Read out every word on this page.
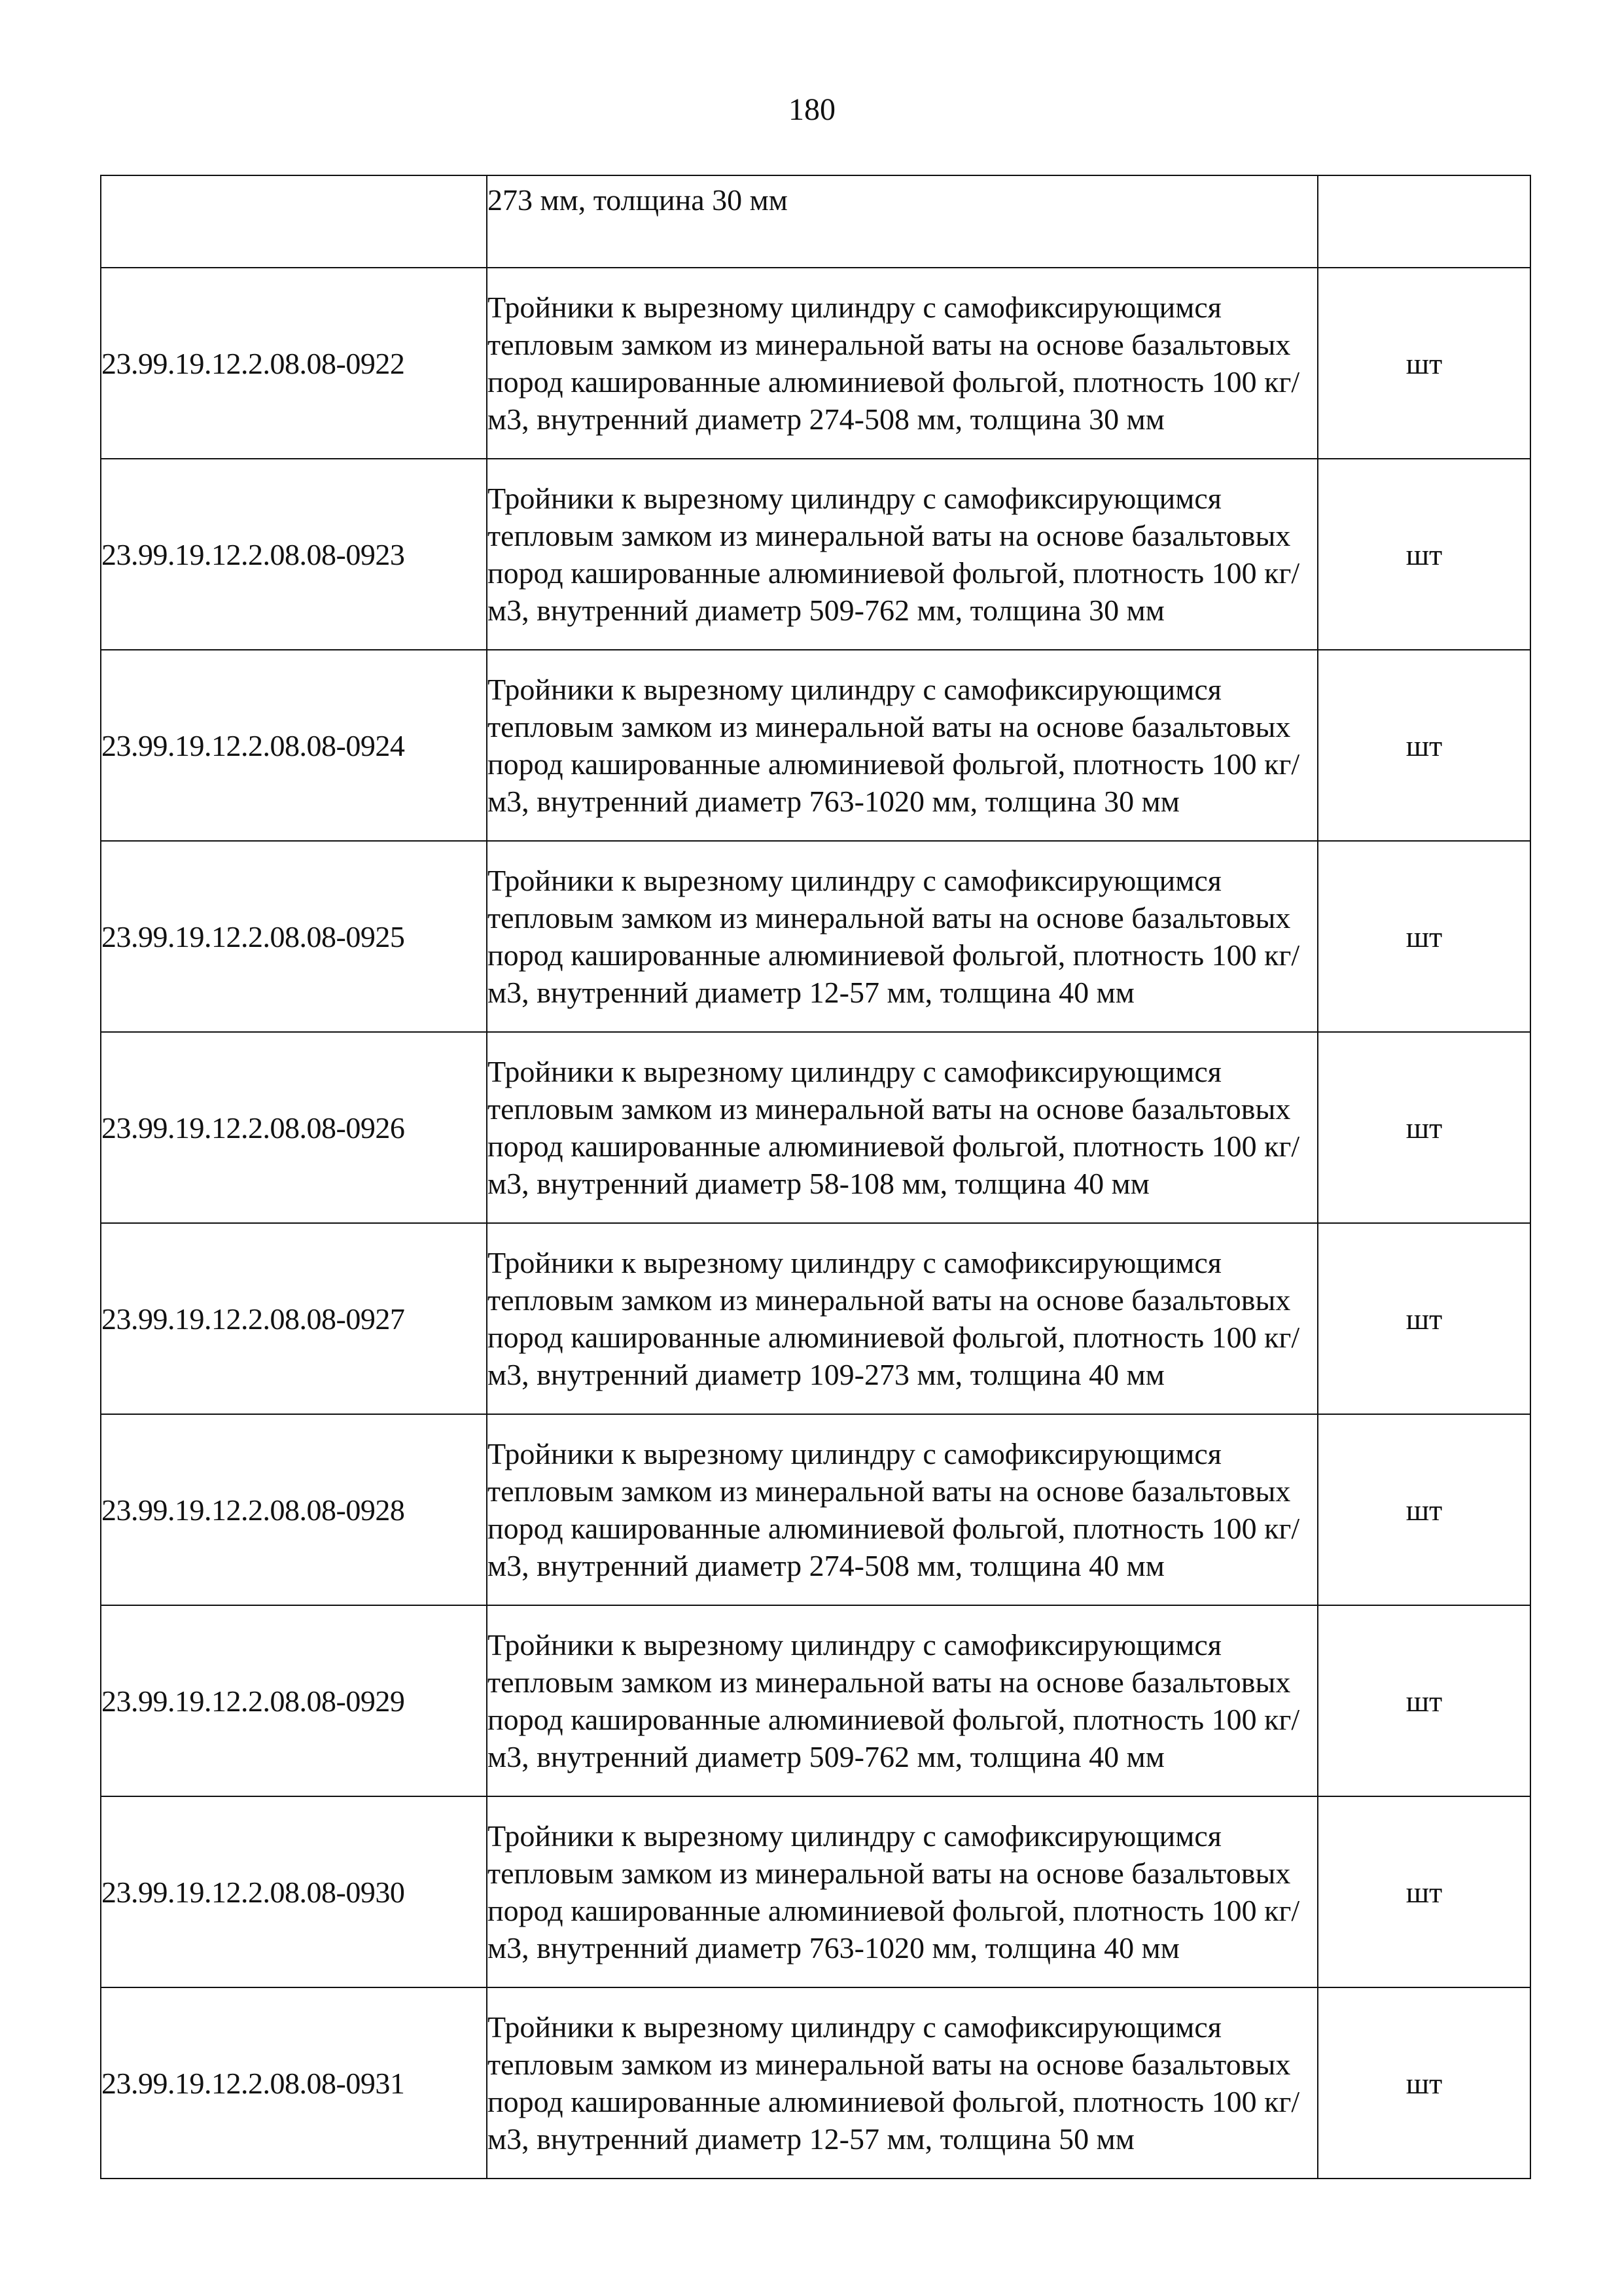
180
	273 мм, толщина 30 мм	
23.99.19.12.2.08.08-0922	Тройники к вырезному цилиндру с самофиксирующимся тепловым замком из минеральной ваты на основе базальтовых пород кашированные алюминиевой фольгой, плотность 100 кг/м3, внутренний диаметр 274-508 мм, толщина 30 мм	шт
23.99.19.12.2.08.08-0923	Тройники к вырезному цилиндру с самофиксирующимся тепловым замком из минеральной ваты на основе базальтовых пород кашированные алюминиевой фольгой, плотность 100 кг/м3, внутренний диаметр 509-762 мм, толщина 30 мм	шт
23.99.19.12.2.08.08-0924	Тройники к вырезному цилиндру с самофиксирующимся тепловым замком из минеральной ваты на основе базальтовых пород кашированные алюминиевой фольгой, плотность 100 кг/м3, внутренний диаметр 763-1020 мм, толщина 30 мм	шт
23.99.19.12.2.08.08-0925	Тройники к вырезному цилиндру с самофиксирующимся тепловым замком из минеральной ваты на основе базальтовых пород кашированные алюминиевой фольгой, плотность 100 кг/м3, внутренний диаметр 12-57 мм, толщина 40 мм	шт
23.99.19.12.2.08.08-0926	Тройники к вырезному цилиндру с самофиксирующимся тепловым замком из минеральной ваты на основе базальтовых пород кашированные алюминиевой фольгой, плотность 100 кг/м3, внутренний диаметр 58-108 мм, толщина 40 мм	шт
23.99.19.12.2.08.08-0927	Тройники к вырезному цилиндру с самофиксирующимся тепловым замком из минеральной ваты на основе базальтовых пород кашированные алюминиевой фольгой, плотность 100 кг/м3, внутренний диаметр 109-273 мм, толщина 40 мм	шт
23.99.19.12.2.08.08-0928	Тройники к вырезному цилиндру с самофиксирующимся тепловым замком из минеральной ваты на основе базальтовых пород кашированные алюминиевой фольгой, плотность 100 кг/м3, внутренний диаметр 274-508 мм, толщина 40 мм	шт
23.99.19.12.2.08.08-0929	Тройники к вырезному цилиндру с самофиксирующимся тепловым замком из минеральной ваты на основе базальтовых пород кашированные алюминиевой фольгой, плотность 100 кг/м3, внутренний диаметр 509-762 мм, толщина 40 мм	шт
23.99.19.12.2.08.08-0930	Тройники к вырезному цилиндру с самофиксирующимся тепловым замком из минеральной ваты на основе базальтовых пород кашированные алюминиевой фольгой, плотность 100 кг/м3, внутренний диаметр 763-1020 мм, толщина 40 мм	шт
23.99.19.12.2.08.08-0931	Тройники к вырезному цилиндру с самофиксирующимся тепловым замком из минеральной ваты на основе базальтовых пород кашированные алюминиевой фольгой, плотность 100 кг/м3, внутренний диаметр 12-57 мм, толщина 50 мм	шт
